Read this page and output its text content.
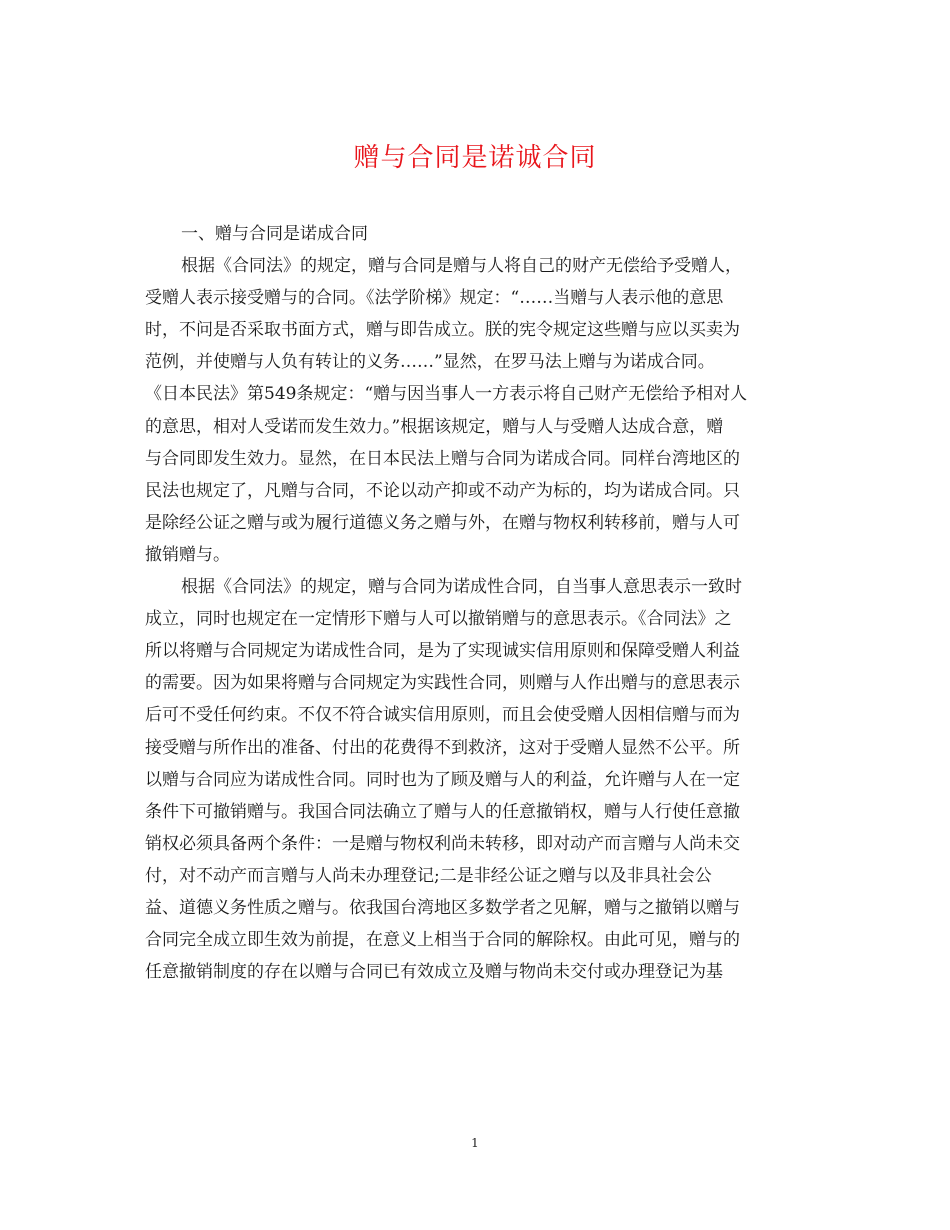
赠与合同是诺诚合同
一、赠与合同是诺成合同
根据《合同法》的规定，赠与合同是赠与人将自己的财产无偿给予受赠人，
受赠人表示接受赠与的合同。《法学阶梯》规定：“……当赠与人表示他的意思
时，不问是否采取书面方式，赠与即告成立。朕的宪令规定这些赠与应以买卖为
范例，并使赠与人负有转让的义务……”显然，在罗马法上赠与为诺成合同。
《日本民法》第549条规定：“赠与因当事人一方表示将自己财产无偿给予相对人
的意思，相对人受诺而发生效力。”根据该规定，赠与人与受赠人达成合意，赠
与合同即发生效力。显然，在日本民法上赠与合同为诺成合同。同样台湾地区的
民法也规定了，凡赠与合同，不论以动产抑或不动产为标的，均为诺成合同。只
是除经公证之赠与或为履行道德义务之赠与外，在赠与物权利转移前，赠与人可
撤销赠与。
根据《合同法》的规定，赠与合同为诺成性合同，自当事人意思表示一致时
成立，同时也规定在一定情形下赠与人可以撤销赠与的意思表示。《合同法》之
所以将赠与合同规定为诺成性合同，是为了实现诚实信用原则和保障受赠人利益
的需要。因为如果将赠与合同规定为实践性合同，则赠与人作出赠与的意思表示
后可不受任何约束。不仅不符合诚实信用原则，而且会使受赠人因相信赠与而为
接受赠与所作出的准备、付出的花费得不到救济，这对于受赠人显然不公平。所
以赠与合同应为诺成性合同。同时也为了顾及赠与人的利益，允许赠与人在一定
条件下可撤销赠与。我国合同法确立了赠与人的任意撤销权，赠与人行使任意撤
销权必须具备两个条件：一是赠与物权利尚未转移，即对动产而言赠与人尚未交
付，对不动产而言赠与人尚未办理登记;二是非经公证之赠与以及非具社会公
益、道德义务性质之赠与。依我国台湾地区多数学者之见解，赠与之撤销以赠与
合同完全成立即生效为前提，在意义上相当于合同的解除权。由此可见，赠与的
任意撤销制度的存在以赠与合同已有效成立及赠与物尚未交付或办理登记为基
1
